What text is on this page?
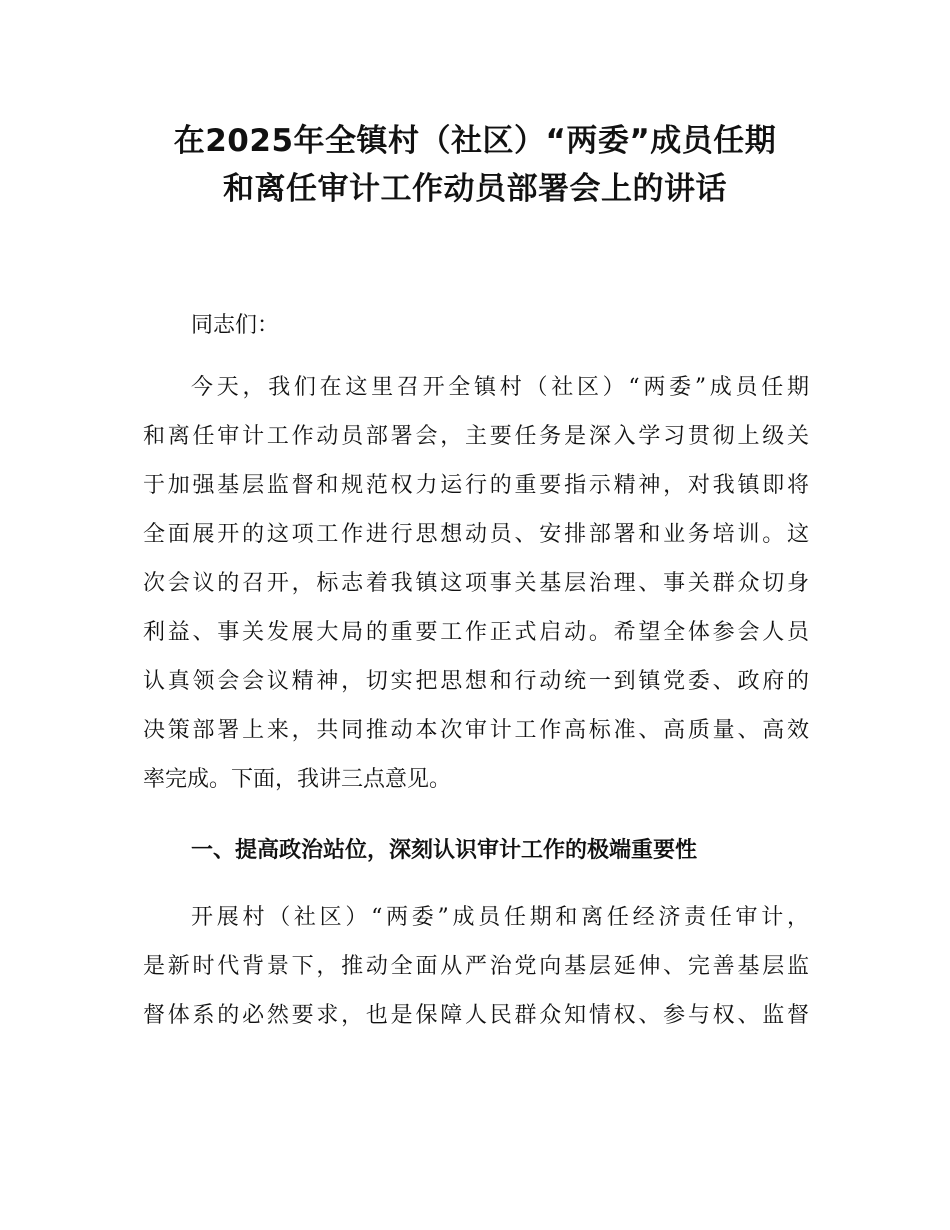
在2025年全镇村（社区）“两委”成员任期
和离任审计工作动员部署会上的讲话

同志们：

今天，我们在这里召开全镇村（社区）“两委”成员任期

和离任审计工作动员部署会，主要任务是深入学习贯彻上级关

于加强基层监督和规范权力运行的重要指示精神，对我镇即将

全面展开的这项工作进行思想动员、安排部署和业务培训。这

次会议的召开，标志着我镇这项事关基层治理、事关群众切身

利益、事关发展大局的重要工作正式启动。希望全体参会人员

认真领会会议精神，切实把思想和行动统一到镇党委、政府的

决策部署上来，共同推动本次审计工作高标准、高质量、高效

率完成。下面，我讲三点意见。

一、提高政治站位，深刻认识审计工作的极端重要性

开展村（社区）“两委”成员任期和离任经济责任审计，

是新时代背景下，推动全面从严治党向基层延伸、完善基层监

督体系的必然要求，也是保障人民群众知情权、参与权、监督
